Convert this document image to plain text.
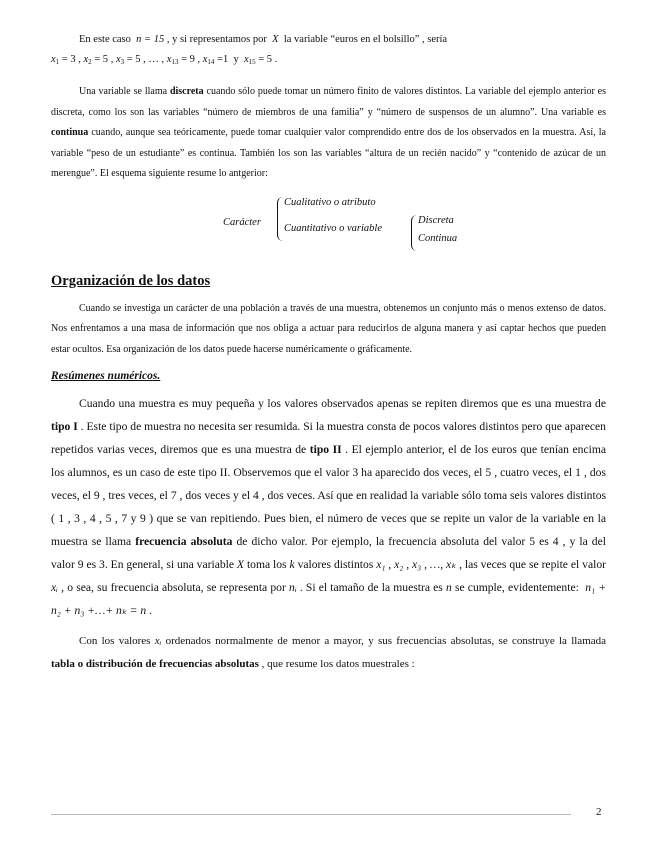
En este caso n = 15 , y si representamos por X la variable “euros en el bolsillo” , sería

$x_1 = 3$ , $x_2 = 5$ , $x_3 = 5$ , … , $x_{13} = 9$ , $x_{14} =1$ y $x_{15} = 5$ .

Una variable se llama discreta cuando sólo puede tomar un número finito de valores distintos. La variable del ejemplo anterior es discreta, como los son las variables “número de miembros de una familia” y “número de suspensos de un alumno”. Una variable es continua cuando, aunque sea teóricamente, puede tomar cualquier valor comprendido entre dos de los observados en la muestra. Así, la variable “peso de un estudiante” es continua. También los son las variables “altura de un recién nacido” y “contenido de azúcar de un merengue”. El esquema siguiente resume lo antgerior:

Carácter
Cualitativo o atributo
Cuantitativo o variable
Discreta
Continua
Organización de los datos

Cuando se investiga un carácter de una población a través de una muestra, obtenemos un conjunto más o menos extenso de datos. Nos enfrentamos a una masa de información que nos obliga a actuar para reducirlos de alguna manera y así captar hechos que pueden estar ocultos. Esa organización de los datos puede hacerse numéricamente o gráficamente.

Resúmenes numéricos.

Cuando una muestra es muy pequeña y los valores observados apenas se repiten diremos que es una muestra de tipo I . Este tipo de muestra no necesita ser resumida. Si la muestra consta de pocos valores distintos pero que aparecen repetidos varias veces, diremos que es una muestra de tipo II . El ejemplo anterior, el de los euros que tenían encima los alumnos, es un caso de este tipo II. Observemos que el valor 3 ha aparecido dos veces, el 5 , cuatro veces, el 1 , dos veces, el 9 , tres veces, el 7 , dos veces y el 4 , dos veces. Así que en realidad la variable sólo toma seis valores distintos ( 1 , 3 , 4 , 5 , 7 y 9 ) que se van repitiendo. Pues bien, el número de veces que se repite un valor de la variable en la muestra se llama frecuencia absoluta de dicho valor. Por ejemplo, la frecuencia absoluta del valor 5 es 4 , y la del valor 9 es 3. En general, si una variable X toma los k valores distintos x₁ , x₂ , x₃ , …, xₖ , las veces que se repite el valor xᵢ , o sea, su frecuencia absoluta, se representa por nᵢ . Si el tamaño de la muestra es n se cumple, evidentemente: n₁ + n₂ + n₃ +…+ nₖ = n .

Con los valores xᵢ ordenados normalmente de menor a mayor, y sus frecuencias absolutas, se construye la llamada tabla o distribución de frecuencias absolutas , que resume los datos muestrales :

2
